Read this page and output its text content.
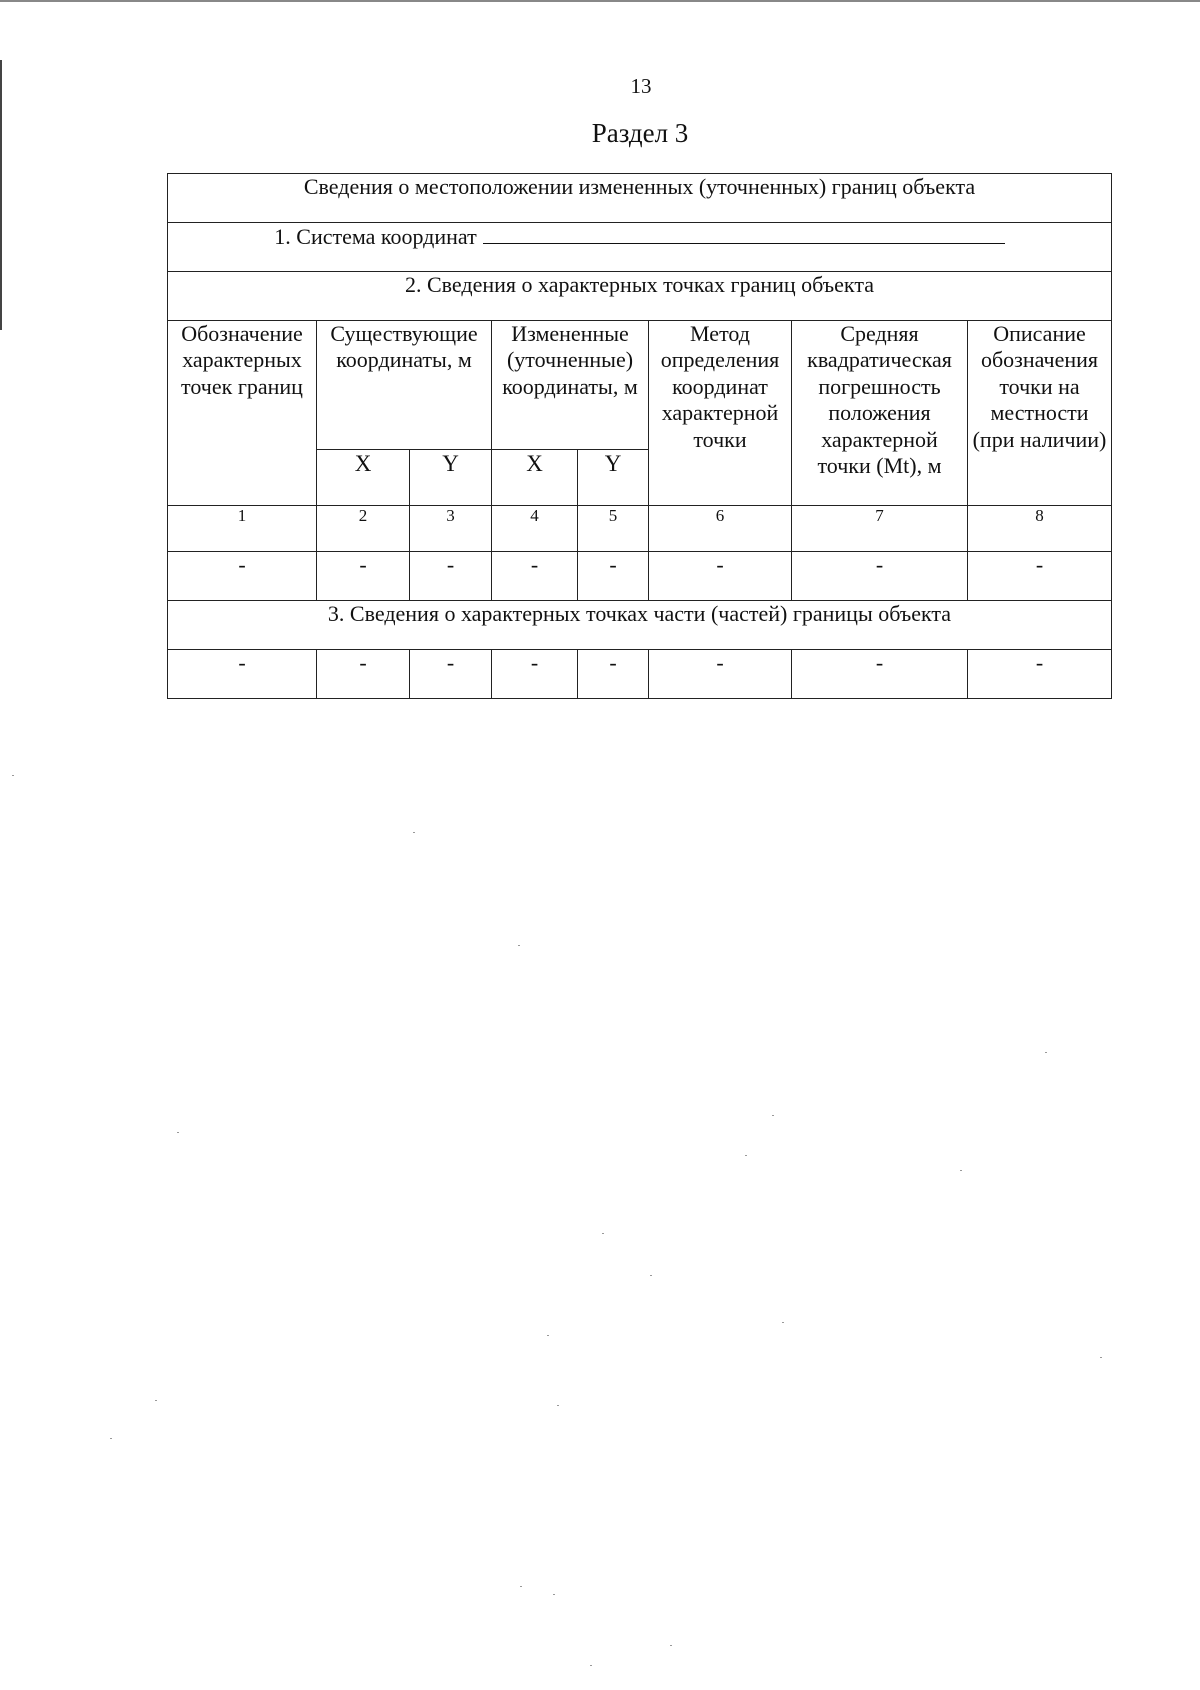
13
Раздел 3
Сведения о местоположении измененных (уточненных) границ объекта							
1. Система координат							
2. Сведения о характерных точках границ объекта							
Обозначение характерных точек границ	Существующие координаты, м		Измененные (уточненные) координаты, м		Метод определения координат характерной точки	Средняя квадратическая погрешность положения характерной точки (Mt), м	Описание обозначения точки на местности (при наличии)
	X	Y	X	Y			
1	2	3	4	5	6	7	8
-	-	-	-	-	-	-	-
3. Сведения о характерных точках части (частей) границы объекта							
-	-	-	-	-	-	-	-
